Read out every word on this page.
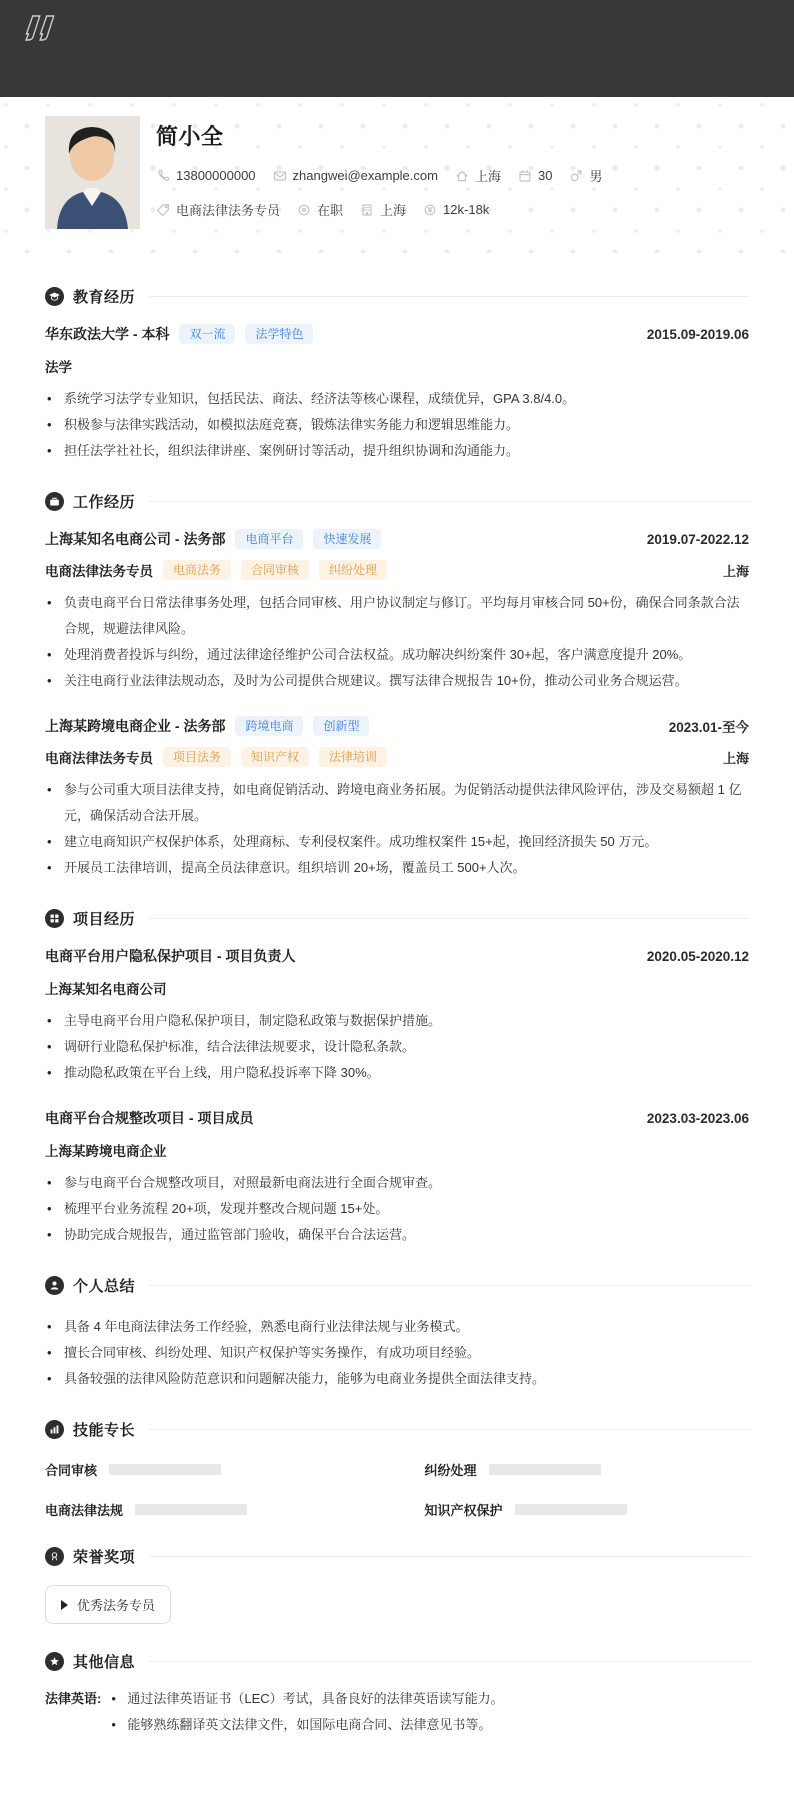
简小全
13800000000	zhangwei@example.com	上海	30	男
电商法律法务专员	在职	上海	12k-18k
教育经历
华东政法大学 - 本科	双一流	法学特色	2015.09-2019.06
法学
• 系统学习法学专业知识，包括民法、商法、经济法等核心课程，成绩优异，GPA 3.8/4.0。
• 积极参与法律实践活动，如模拟法庭竞赛，锻炼法律实务能力和逻辑思维能力。
• 担任法学社社长，组织法律讲座、案例研讨等活动，提升组织协调和沟通能力。
工作经历
上海某知名电商公司 - 法务部	电商平台	快速发展	2019.07-2022.12
电商法律法务专员	电商法务	合同审核	纠纷处理	上海
• 负责电商平台日常法律事务处理，包括合同审核、用户协议制定与修订。平均每月审核合同 50+份，确保合同条款合法合规，规避法律风险。
• 处理消费者投诉与纠纷，通过法律途径维护公司合法权益。成功解决纠纷案件 30+起，客户满意度提升 20%。
• 关注电商行业法律法规动态，及时为公司提供合规建议。撰写法律合规报告 10+份，推动公司业务合规运营。
上海某跨境电商企业 - 法务部	跨境电商	创新型	2023.01-至今
电商法律法务专员	项目法务	知识产权	法律培训	上海
• 参与公司重大项目法律支持，如电商促销活动、跨境电商业务拓展。为促销活动提供法律风险评估，涉及交易额超 1 亿元，确保活动合法开展。
• 建立电商知识产权保护体系，处理商标、专利侵权案件。成功维权案件 15+起，挽回经济损失 50 万元。
• 开展员工法律培训，提高全员法律意识。组织培训 20+场，覆盖员工 500+人次。
项目经历
电商平台用户隐私保护项目 - 项目负责人	2020.05-2020.12
上海某知名电商公司
• 主导电商平台用户隐私保护项目，制定隐私政策与数据保护措施。
• 调研行业隐私保护标准，结合法律法规要求，设计隐私条款。
• 推动隐私政策在平台上线，用户隐私投诉率下降 30%。
电商平台合规整改项目 - 项目成员	2023.03-2023.06
上海某跨境电商企业
• 参与电商平台合规整改项目，对照最新电商法进行全面合规审查。
• 梳理平台业务流程 20+项，发现并整改合规问题 15+处。
• 协助完成合规报告，通过监管部门验收，确保平台合法运营。
个人总结
• 具备 4 年电商法律法务工作经验，熟悉电商行业法律法规与业务模式。
• 擅长合同审核、纠纷处理、知识产权保护等实务操作，有成功项目经验。
• 具备较强的法律风险防范意识和问题解决能力，能够为电商业务提供全面法律支持。
技能专长
合同审核	纠纷处理
电商法律法规	知识产权保护
荣誉奖项
优秀法务专员
其他信息
法律英语:	• 通过法律英语证书（LEC）考试，具备良好的法律英语读写能力。
• 能够熟练翻译英文法律文件，如国际电商合同、法律意见书等。
